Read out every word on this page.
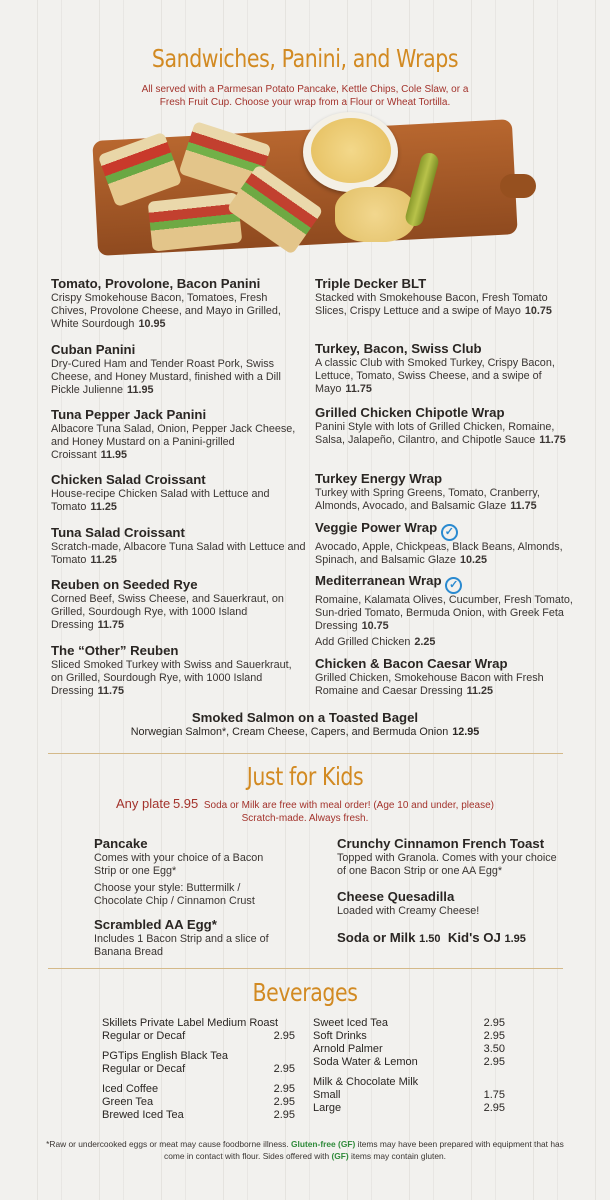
Sandwiches, Panini, and Wraps
All served with a Parmesan Potato Pancake, Kettle Chips, Cole Slaw, or a
Fresh Fruit Cup. Choose your wrap from a Flour or Wheat Tortilla.
Tomato, Provolone, Bacon Panini

Crispy Smokehouse Bacon, Tomatoes, Fresh Chives, Provolone Cheese, and Mayo in Grilled, White Sourdough 10.95

Cuban Panini

Dry-Cured Ham and Tender Roast Pork, Swiss Cheese, and Honey Mustard, finished with a Dill Pickle Julienne 11.95

Tuna Pepper Jack Panini

Albacore Tuna Salad, Onion, Pepper Jack Cheese, and Honey Mustard on a Panini-grilled Croissant 11.95

Chicken Salad Croissant

House-recipe Chicken Salad with Lettuce and Tomato 11.25

Tuna Salad Croissant

Scratch-made, Albacore Tuna Salad with Lettuce and Tomato 11.25

Reuben on Seeded Rye

Corned Beef, Swiss Cheese, and Sauerkraut, on Grilled, Sourdough Rye, with 1000 Island Dressing 11.75

The “Other” Reuben

Sliced Smoked Turkey with Swiss and Sauerkraut, on Grilled, Sourdough Rye, with 1000 Island Dressing 11.75

Triple Decker BLT

Stacked with Smokehouse Bacon, Fresh Tomato Slices, Crispy Lettuce and a swipe of Mayo 10.75

Turkey, Bacon, Swiss Club

A classic Club with Smoked Turkey, Crispy Bacon, Lettuce, Tomato, Swiss Cheese, and a swipe of Mayo 11.75

Grilled Chicken Chipotle Wrap

Panini Style with lots of Grilled Chicken, Romaine, Salsa, Jalapeño, Cilantro, and Chipotle Sauce 11.75

Turkey Energy Wrap

Turkey with Spring Greens, Tomato, Cranberry, Almonds, Avocado, and Balsamic Glaze 11.75

Veggie Power Wrap ✓

Avocado, Apple, Chickpeas, Black Beans, Almonds, Spinach, and Balsamic Glaze 10.25

Mediterranean Wrap ✓

Romaine, Kalamata Olives, Cucumber, Fresh Tomato, Sun-dried Tomato, Bermuda Onion, with Greek Feta Dressing 10.75

Add Grilled Chicken 2.25

Chicken & Bacon Caesar Wrap

Grilled Chicken, Smokehouse Bacon with Fresh Romaine and Caesar Dressing 11.25

Smoked Salmon on a Toasted Bagel

Norwegian Salmon*, Cream Cheese, Capers, and Bermuda Onion 12.95

Just for Kids
Any plate 5.95 Soda or Milk are free with meal order! (Age 10 and under, please)
Scratch-made. Always fresh.
Pancake

Comes with your choice of a Bacon Strip or one Egg*

Choose your style: Buttermilk / Chocolate Chip / Cinnamon Crust

Scrambled AA Egg*

Includes 1 Bacon Strip and a slice of Banana Bread

Crunchy Cinnamon French Toast

Topped with Granola. Comes with your choice of one Bacon Strip or one AA Egg*

Cheese Quesadilla

Loaded with Creamy Cheese!

Soda or Milk 1.50 Kid's OJ 1.95
Beverages
Skillets Private Label Medium Roast
Regular or Decaf	2.95
PGTips English Black Tea
Regular or Decaf	2.95
Iced Coffee	2.95
Green Tea	2.95
Brewed Iced Tea	2.95
Sweet Iced Tea	2.95
Soft Drinks	2.95
Arnold Palmer	3.50
Soda Water & Lemon	2.95
Milk & Chocolate Milk
Small	1.75
Large	2.95
*Raw or undercooked eggs or meat may cause foodborne illness. Gluten-free (GF) items may have been prepared with equipment that has come in contact with flour. Sides offered with (GF) items may contain gluten.
